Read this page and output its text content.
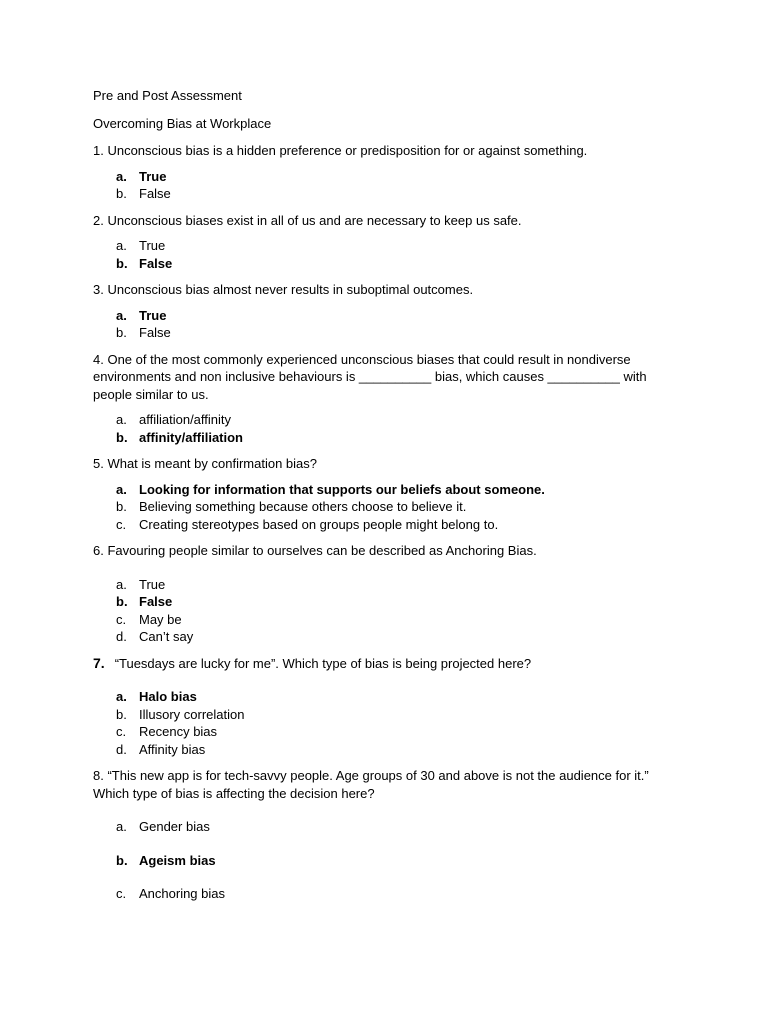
Pre and Post Assessment

Overcoming Bias at Workplace

1. Unconscious bias is a hidden preference or predisposition for or against something.

a. True
b. False

2. Unconscious biases exist in all of us and are necessary to keep us safe.

a. True
b. False

3. Unconscious bias almost never results in suboptimal outcomes.

a. True
b. False

4. One of the most commonly experienced unconscious biases that could result in nondiverse environments and non inclusive behaviours is __________ bias, which causes __________ with people similar to us.

a. affiliation/affinity
b. affinity/affiliation

5. What is meant by confirmation bias?

a. Looking for information that supports our beliefs about someone.
b. Believing something because others choose to believe it.
c. Creating stereotypes based on groups people might belong to.

6. Favouring people similar to ourselves can be described as Anchoring Bias.

a. True
b. False
c. May be
d. Can’t say

7. “Tuesdays are lucky for me”. Which type of bias is being projected here?

a. Halo bias
b. Illusory correlation
c. Recency bias
d. Affinity bias

8. “This new app is for tech-savvy people. Age groups of 30 and above is not the audience for it.” Which type of bias is affecting the decision here?

a. Gender bias
b. Ageism bias
c. Anchoring bias
